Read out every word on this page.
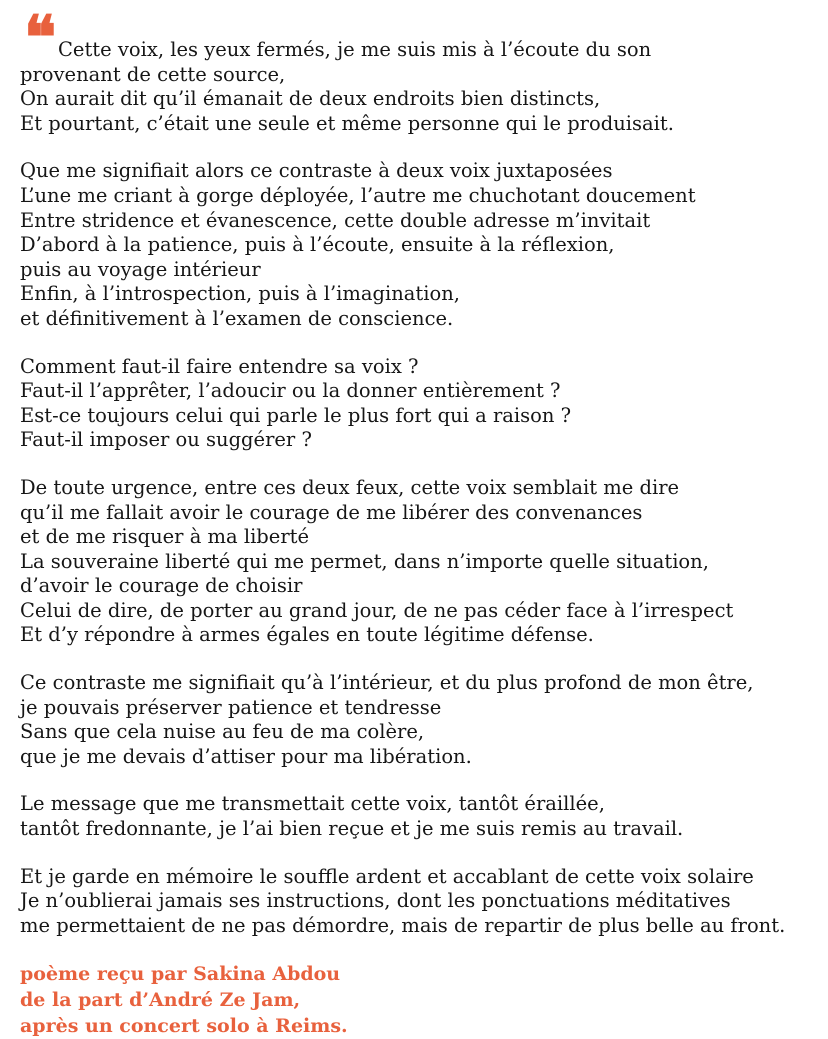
❝ Cette voix, les yeux fermés, je me suis mis à l’écoute du son
provenant de cette source,
On aurait dit qu’il émanait de deux endroits bien distincts,
Et pourtant, c’était une seule et même personne qui le produisait.
Que me signifiait alors ce contraste à deux voix juxtaposées
L’une me criant à gorge déployée, l’autre me chuchotant doucement
Entre stridence et évanescence, cette double adresse m’invitait
D’abord à la patience, puis à l’écoute, ensuite à la réflexion,
puis au voyage intérieur
Enfin, à l’introspection, puis à l’imagination,
et définitivement à l’examen de conscience.
Comment faut-il faire entendre sa voix ?
Faut-il l’apprêter, l’adoucir ou la donner entièrement ?
Est-ce toujours celui qui parle le plus fort qui a raison ?
Faut-il imposer ou suggérer ?
De toute urgence, entre ces deux feux, cette voix semblait me dire
qu’il me fallait avoir le courage de me libérer des convenances
et de me risquer à ma liberté
La souveraine liberté qui me permet, dans n’importe quelle situation,
d’avoir le courage de choisir
Celui de dire, de porter au grand jour, de ne pas céder face à l’irrespect
Et d’y répondre à armes égales en toute légitime défense.
Ce contraste me signifiait qu’à l’intérieur, et du plus profond de mon être,
je pouvais préserver patience et tendresse
Sans que cela nuise au feu de ma colère,
que je me devais d’attiser pour ma libération.
Le message que me transmettait cette voix, tantôt éraillée,
tantôt fredonnante, je l’ai bien reçue et je me suis remis au travail.
Et je garde en mémoire le souffle ardent et accablant de cette voix solaire
Je n’oublierai jamais ses instructions, dont les ponctuations méditatives
me permettaient de ne pas démordre, mais de repartir de plus belle au front.
poème reçu par Sakina Abdou
de la part d’André Ze Jam,
après un concert solo à Reims.
